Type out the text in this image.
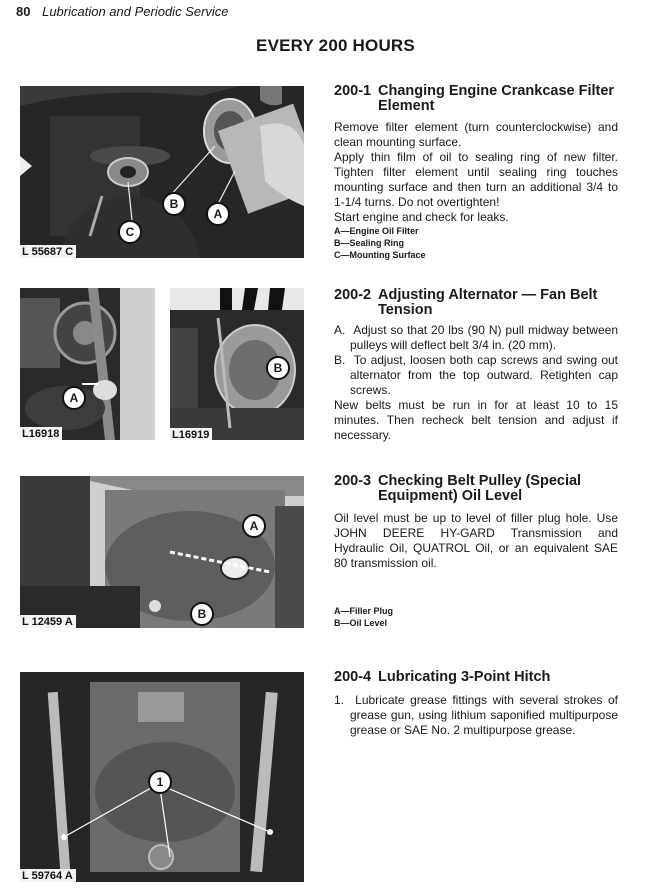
80 Lubrication and Periodic Service
EVERY 200 HOURS
A
B
C
L 55687 C
200-1 Changing Engine Crankcase Filter
Element

Remove filter element (turn counterclockwise) and clean mounting surface.

Apply thin film of oil to sealing ring of new filter. Tighten filter element until sealing ring touches mounting surface and then turn an additional 3/4 to 1-1/4 turns. Do not overtighten!

Start engine and check for leaks.

A—Engine Oil Filter
B—Sealing Ring
C—Mounting Surface
A
L16918
B
L16919
200-2 Adjusting Alternator — Fan Belt
Tension
A. Adjust so that 20 lbs (90 N) pull midway between pulleys will deflect belt 3/4 in. (20 mm).
B. To adjust, loosen both cap screws and swing out alternator from the top outward. Retighten cap screws.

New belts must be run in for at least 10 to 15 minutes. Then recheck belt tension and adjust if necessary.

A
B
L 12459 A
200-3 Checking Belt Pulley (Special
Equipment) Oil Level

Oil level must be up to level of filler plug hole. Use JOHN DEERE HY-GARD Transmission and Hydraulic Oil, QUATROL Oil, or an equivalent SAE 80 transmission oil.

A—Filler Plug
B—Oil Level
1
L 59764 A
200-4 Lubricating 3-Point Hitch
1. Lubricate grease fittings with several strokes of grease gun, using lithium saponified multipurpose grease or SAE No. 2 multipurpose grease.
